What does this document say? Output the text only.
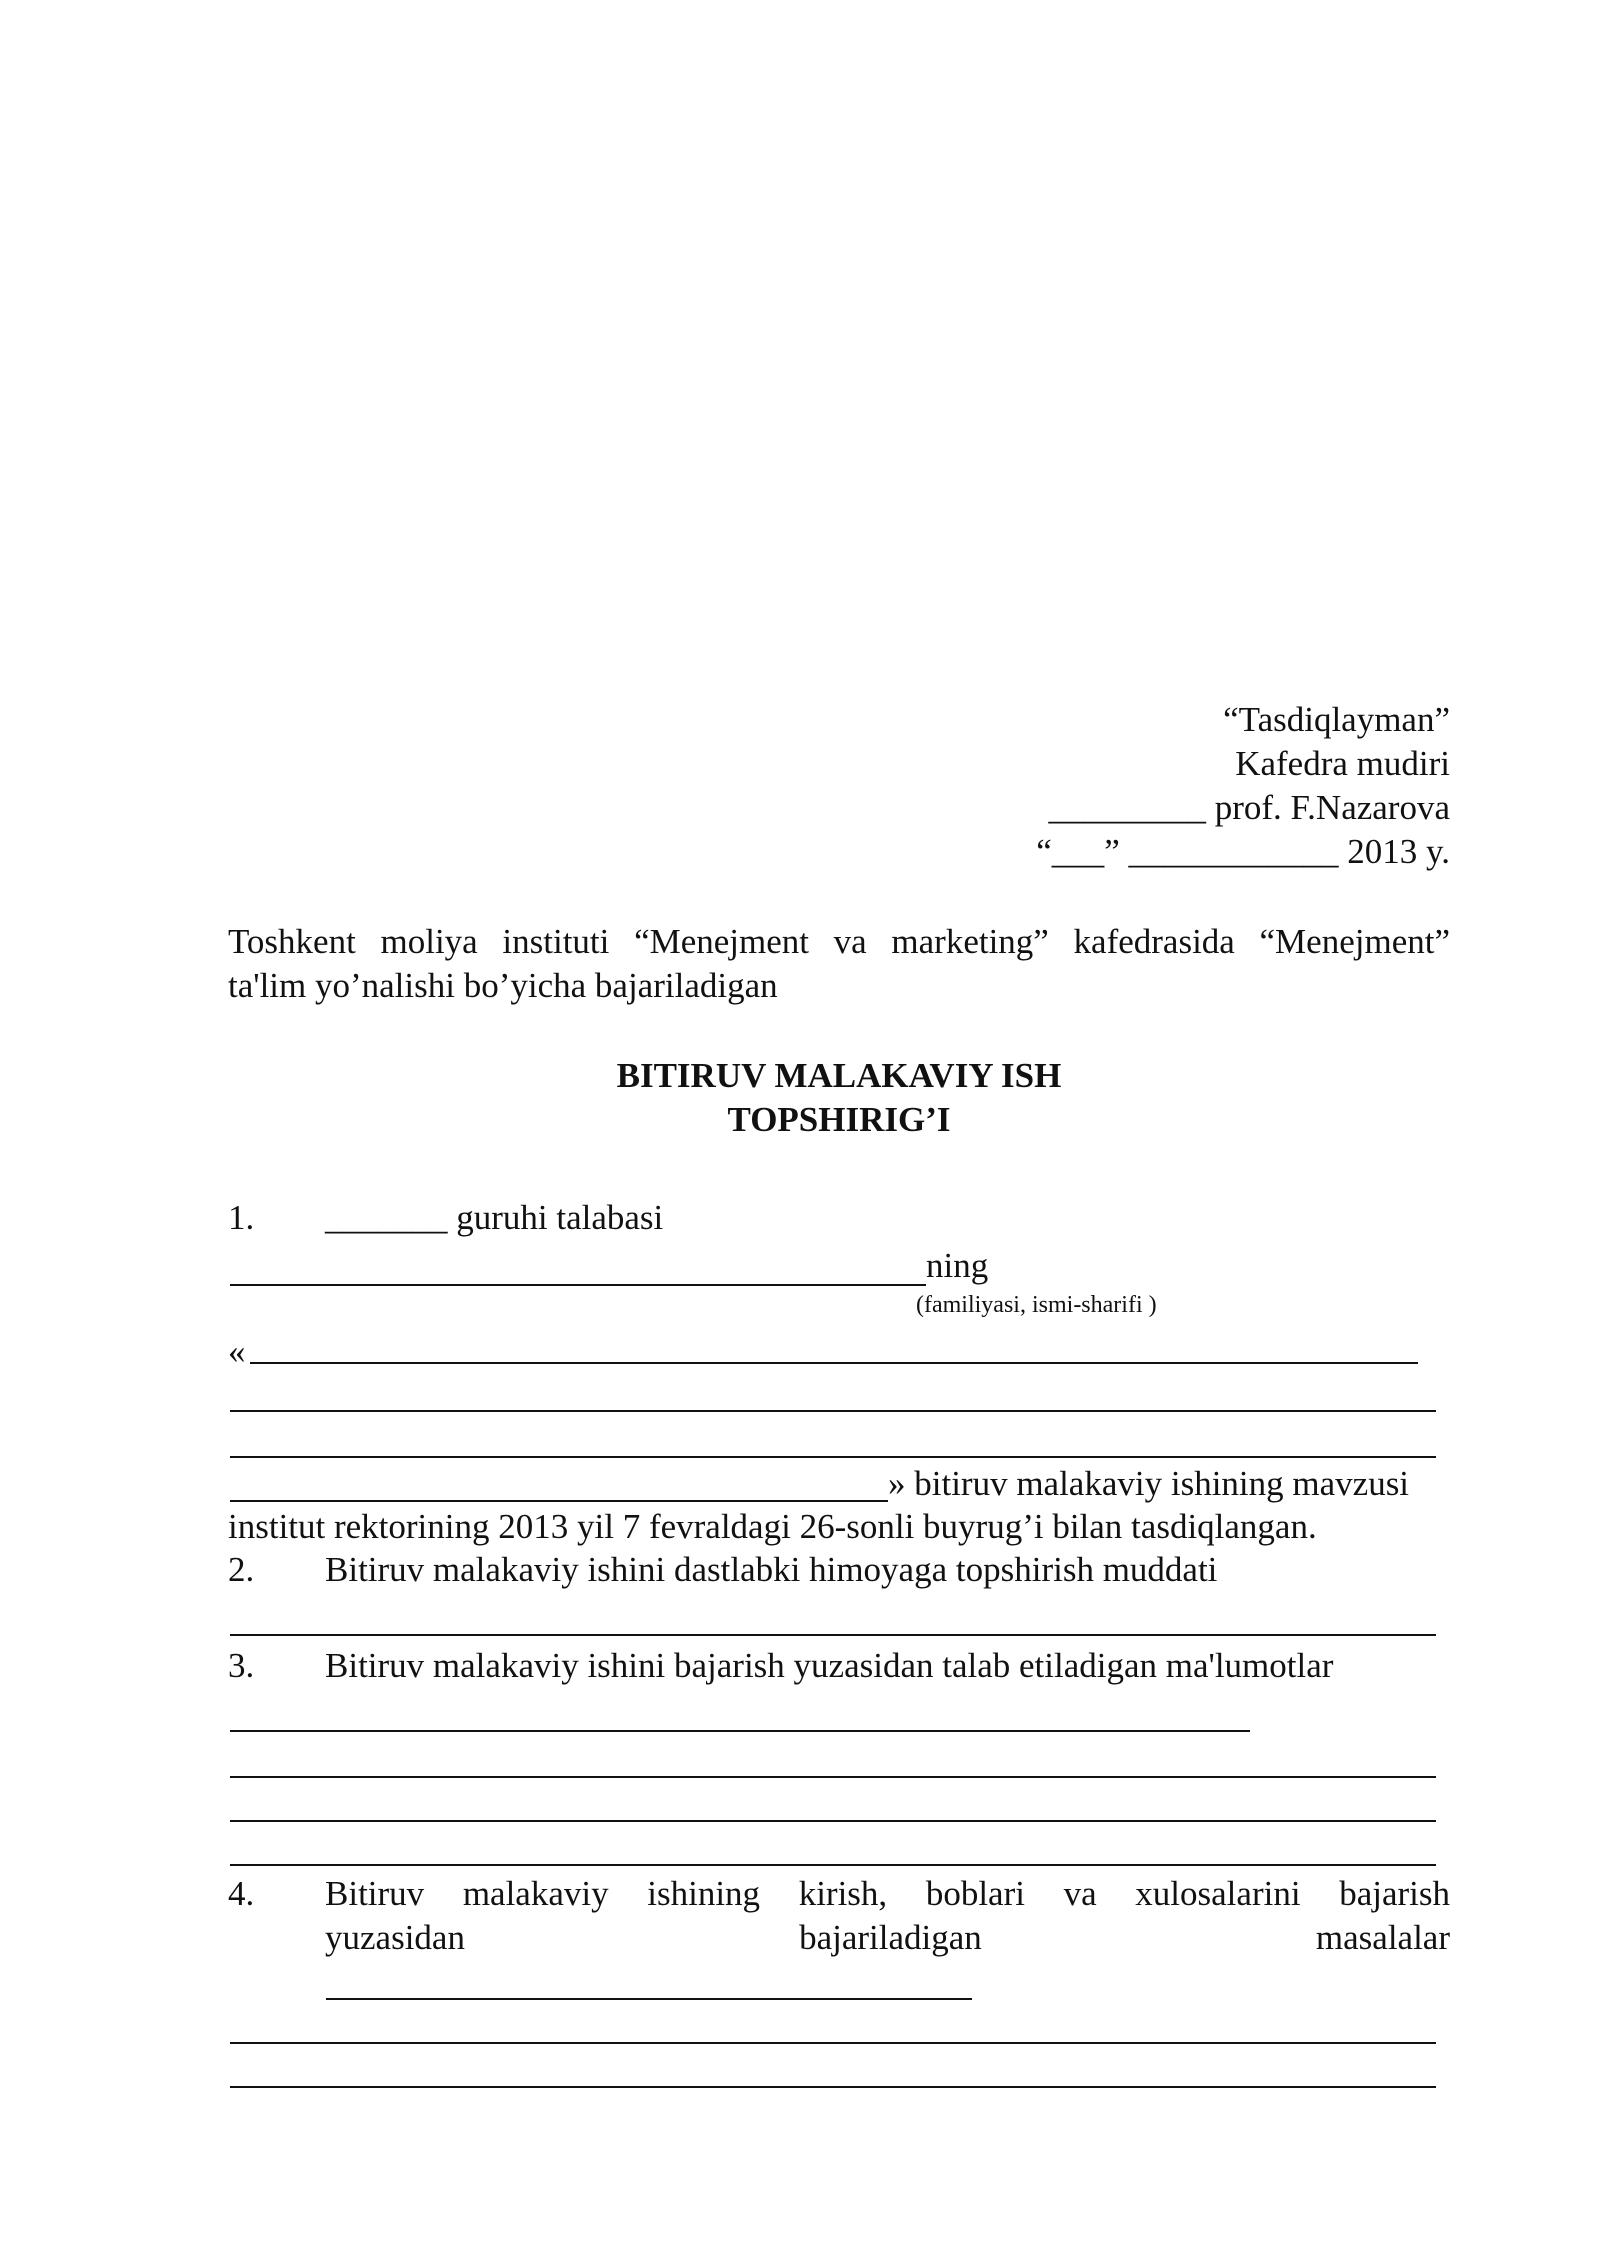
“Tasdiqlayman”
Kafedra mudiri
_________ prof. F.Nazarova
“___” ____________ 2013 y.
Toshkent moliya instituti “Menejment va marketing” kafedrasida “Menejment”
ta'lim yo’nalishi bo’yicha bajariladigan
BITIRUV MALAKAVIY ISH
TOPSHIRIG’I
1. _______ guruhi talabasi
ning
(familiyasi, ismi-sharifi )
«
» bitiruv malakaviy ishining mavzusi
institut rektorining 2013 yil 7 fevraldagi 26-sonli buyrug’i bilan tasdiqlangan.
2. Bitiruv malakaviy ishini dastlabki himoyaga topshirish muddati
3. Bitiruv malakaviy ishini bajarish yuzasidan talab etiladigan ma'lumotlar
4. Bitiruv malakaviy ishining kirish, boblari va xulosalarini bajarish
yuzasidan bajariladigan masalalar
